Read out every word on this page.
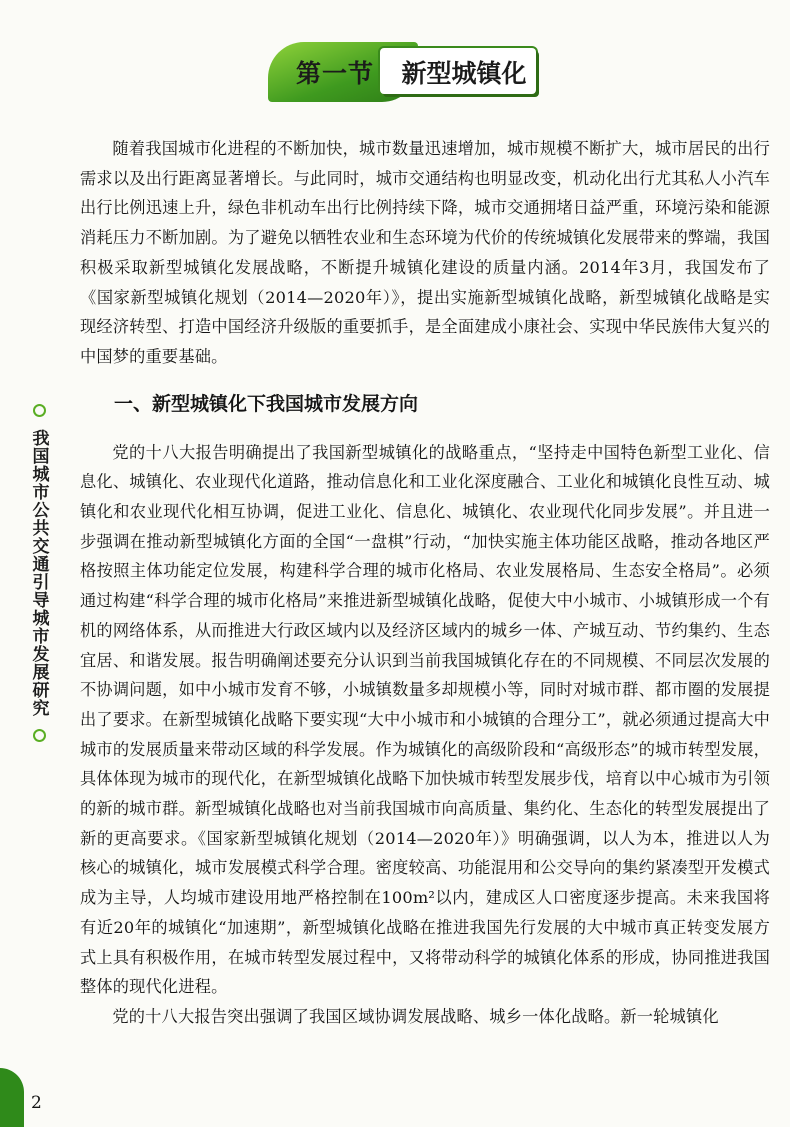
第一节	新型城镇化

随着我国城市化进程的不断加快，城市数量迅速增加，城市规模不断扩大，城市居民的出行需求以及出行距离显著增长。与此同时，城市交通结构也明显改变，机动化出行尤其私人小汽车出行比例迅速上升，绿色非机动车出行比例持续下降，城市交通拥堵日益严重，环境污染和能源消耗压力不断加剧。为了避免以牺牲农业和生态环境为代价的传统城镇化发展带来的弊端，我国积极采取新型城镇化发展战略，不断提升城镇化建设的质量内涵。2014年3月，我国发布了《国家新型城镇化规划（2014—2020年）》，提出实施新型城镇化战略，新型城镇化战略是实现经济转型、打造中国经济升级版的重要抓手，是全面建成小康社会、实现中华民族伟大复兴的中国梦的重要基础。

一、新型城镇化下我国城市发展方向

党的十八大报告明确提出了我国新型城镇化的战略重点，“坚持走中国特色新型工业化、信息化、城镇化、农业现代化道路，推动信息化和工业化深度融合、工业化和城镇化良性互动、城镇化和农业现代化相互协调，促进工业化、信息化、城镇化、农业现代化同步发展”。并且进一步强调在推动新型城镇化方面的全国“一盘棋”行动，“加快实施主体功能区战略，推动各地区严格按照主体功能定位发展，构建科学合理的城市化格局、农业发展格局、生态安全格局”。必须通过构建“科学合理的城市化格局”来推进新型城镇化战略，促使大中小城市、小城镇形成一个有机的网络体系，从而推进大行政区域内以及经济区域内的城乡一体、产城互动、节约集约、生态宜居、和谐发展。报告明确阐述要充分认识到当前我国城镇化存在的不同规模、不同层次发展的不协调问题，如中小城市发育不够，小城镇数量多却规模小等，同时对城市群、都市圈的发展提出了要求。在新型城镇化战略下要实现“大中小城市和小城镇的合理分工”，就必须通过提高大中城市的发展质量来带动区域的科学发展。作为城镇化的高级阶段和“高级形态”的城市转型发展，具体体现为城市的现代化，在新型城镇化战略下加快城市转型发展步伐，培育以中心城市为引领的新的城市群。新型城镇化战略也对当前我国城市向高质量、集约化、生态化的转型发展提出了新的更高要求。《国家新型城镇化规划（2014—2020年）》明确强调，以人为本，推进以人为核心的城镇化，城市发展模式科学合理。密度较高、功能混用和公交导向的集约紧凑型开发模式成为主导，人均城市建设用地严格控制在100m²以内，建成区人口密度逐步提高。未来我国将有近20年的城镇化“加速期”，新型城镇化战略在推进我国先行发展的大中城市真正转变发展方式上具有积极作用，在城市转型发展过程中，又将带动科学的城镇化体系的形成，协同推进我国整体的现代化进程。

党的十八大报告突出强调了我国区域协调发展战略、城乡一体化战略。新一轮城镇化

我国城市公共交通引导城市发展研究
2
